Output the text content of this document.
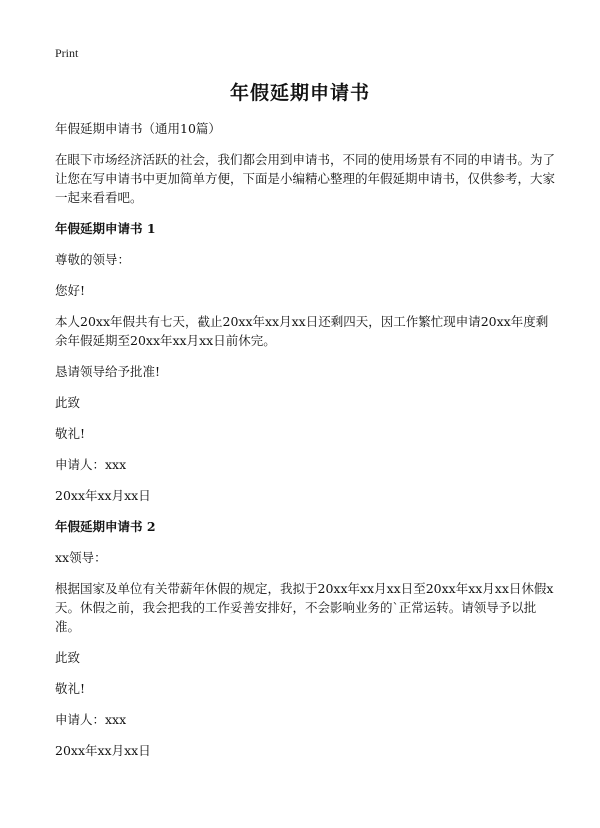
Print
年假延期申请书

年假延期申请书（通用10篇）

在眼下市场经济活跃的社会，我们都会用到申请书，不同的使用场景有不同的申请书。为了让您在写申请书中更加简单方便，下面是小编精心整理的年假延期申请书，仅供参考，大家一起来看看吧。

年假延期申请书 1

尊敬的领导：

您好!

本人20xx年假共有七天，截止20xx年xx月xx日还剩四天，因工作繁忙现申请20xx年度剩余年假延期至20xx年xx月xx日前休完。

恳请领导给予批准!

此致

敬礼!

申请人：xxx

20xx年xx月xx日

年假延期申请书 2

xx领导：

根据国家及单位有关带薪年休假的规定，我拟于20xx年xx月xx日至20xx年xx月xx日休假x天。休假之前，我会把我的工作妥善安排好，不会影响业务的`正常运转。请领导予以批准。

此致

敬礼!

申请人：xxx

20xx年xx月xx日
